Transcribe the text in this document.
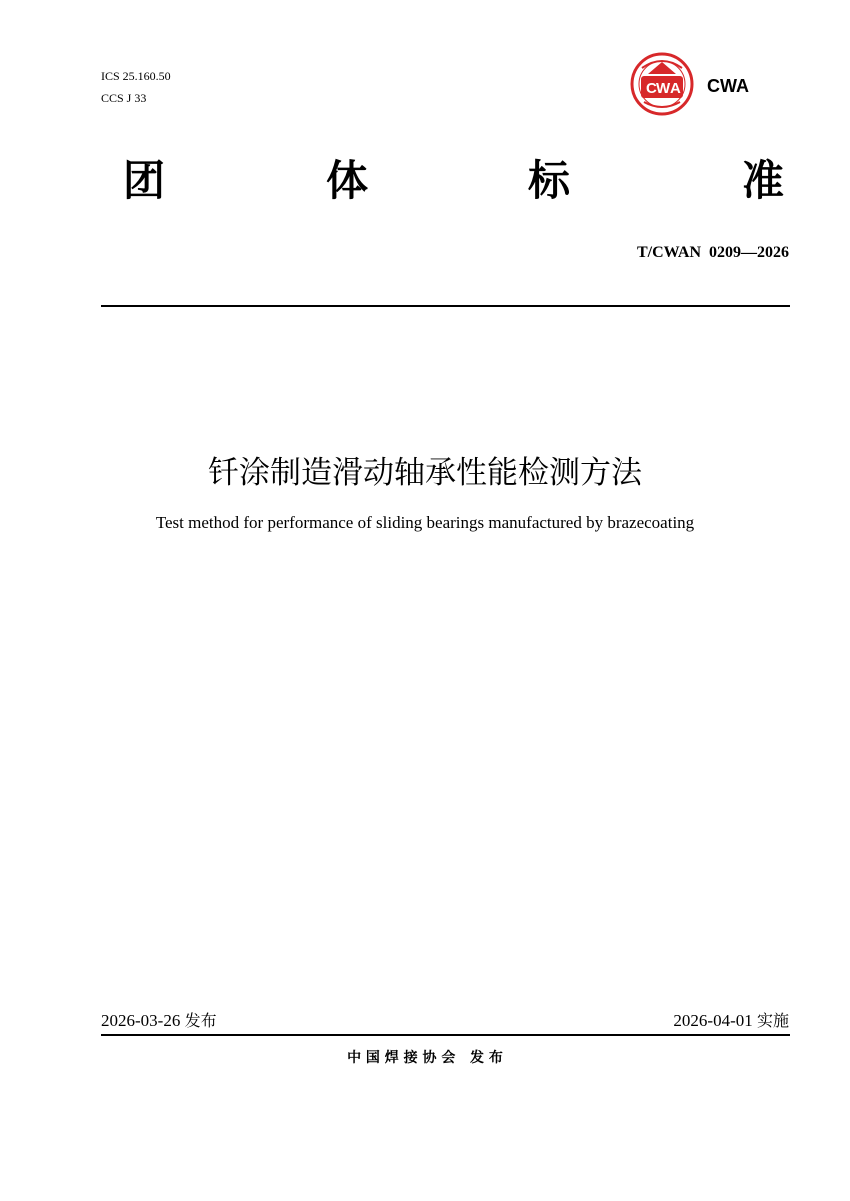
ICS 25.160.50
CCS J 33
C W A CWA
团	体	标	准
T/CWAN  0209—2026
钎涂制造滑动轴承性能检测方法
Test method for performance of sliding bearings manufactured by brazecoating
2026-03-26 发布	2026-04-01 实施
中 国 焊 接 协 会   发 布
